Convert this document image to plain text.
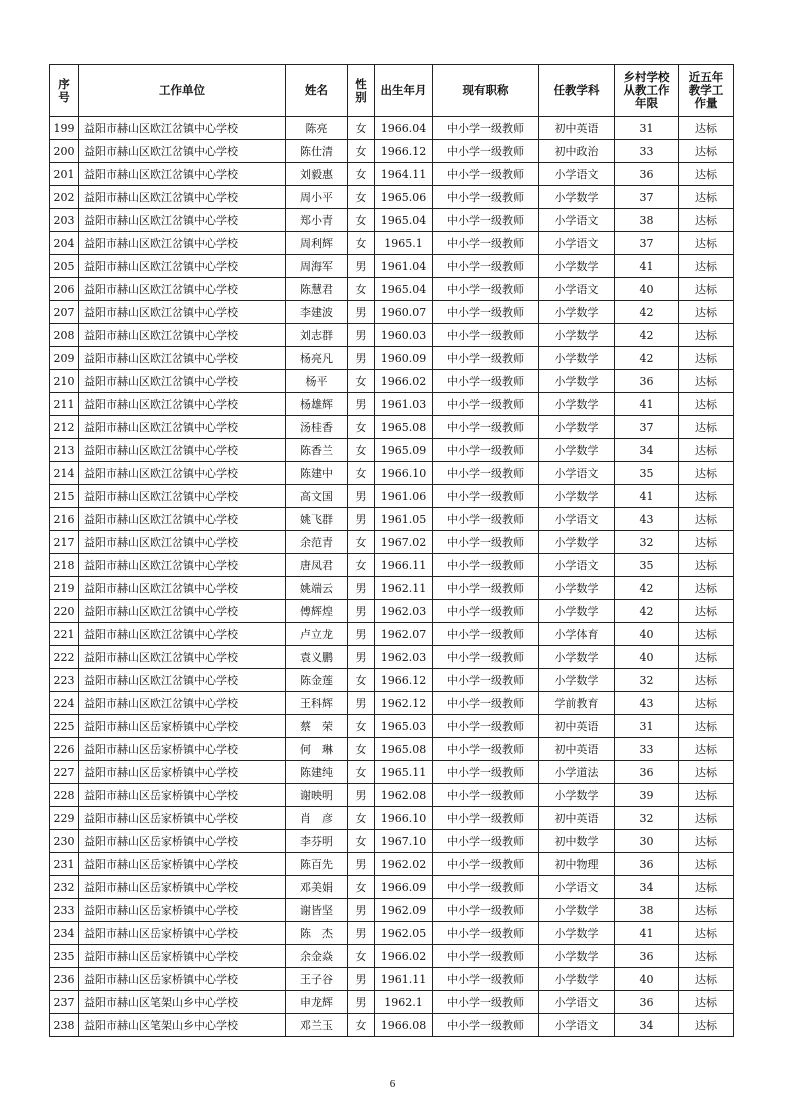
序号	工作单位	姓名	性别	出生年月	现有职称	任教学科	乡村学校从教工作年限	近五年教学工作量
199	益阳市赫山区欧江岔镇中心学校	陈亮	女	1966.04	中小学一级教师	初中英语	31	达标
200	益阳市赫山区欧江岔镇中心学校	陈仕清	女	1966.12	中小学一级教师	初中政治	33	达标
201	益阳市赫山区欧江岔镇中心学校	刘毅惠	女	1964.11	中小学一级教师	小学语文	36	达标
202	益阳市赫山区欧江岔镇中心学校	周小平	女	1965.06	中小学一级教师	小学数学	37	达标
203	益阳市赫山区欧江岔镇中心学校	郑小青	女	1965.04	中小学一级教师	小学语文	38	达标
204	益阳市赫山区欧江岔镇中心学校	周利辉	女	1965.1	中小学一级教师	小学语文	37	达标
205	益阳市赫山区欧江岔镇中心学校	周海军	男	1961.04	中小学一级教师	小学数学	41	达标
206	益阳市赫山区欧江岔镇中心学校	陈慧君	女	1965.04	中小学一级教师	小学语文	40	达标
207	益阳市赫山区欧江岔镇中心学校	李建波	男	1960.07	中小学一级教师	小学数学	42	达标
208	益阳市赫山区欧江岔镇中心学校	刘志群	男	1960.03	中小学一级教师	小学数学	42	达标
209	益阳市赫山区欧江岔镇中心学校	杨亮凡	男	1960.09	中小学一级教师	小学数学	42	达标
210	益阳市赫山区欧江岔镇中心学校	杨平	女	1966.02	中小学一级教师	小学数学	36	达标
211	益阳市赫山区欧江岔镇中心学校	杨雄辉	男	1961.03	中小学一级教师	小学数学	41	达标
212	益阳市赫山区欧江岔镇中心学校	汤桂香	女	1965.08	中小学一级教师	小学数学	37	达标
213	益阳市赫山区欧江岔镇中心学校	陈香兰	女	1965.09	中小学一级教师	小学数学	34	达标
214	益阳市赫山区欧江岔镇中心学校	陈建中	女	1966.10	中小学一级教师	小学语文	35	达标
215	益阳市赫山区欧江岔镇中心学校	高文国	男	1961.06	中小学一级教师	小学数学	41	达标
216	益阳市赫山区欧江岔镇中心学校	姚飞群	男	1961.05	中小学一级教师	小学语文	43	达标
217	益阳市赫山区欧江岔镇中心学校	余范青	女	1967.02	中小学一级教师	小学数学	32	达标
218	益阳市赫山区欧江岔镇中心学校	唐凤君	女	1966.11	中小学一级教师	小学语文	35	达标
219	益阳市赫山区欧江岔镇中心学校	姚端云	男	1962.11	中小学一级教师	小学数学	42	达标
220	益阳市赫山区欧江岔镇中心学校	傅辉煌	男	1962.03	中小学一级教师	小学数学	42	达标
221	益阳市赫山区欧江岔镇中心学校	卢立龙	男	1962.07	中小学一级教师	小学体育	40	达标
222	益阳市赫山区欧江岔镇中心学校	袁义鹏	男	1962.03	中小学一级教师	小学数学	40	达标
223	益阳市赫山区欧江岔镇中心学校	陈金莲	女	1966.12	中小学一级教师	小学数学	32	达标
224	益阳市赫山区欧江岔镇中心学校	王科辉	男	1962.12	中小学一级教师	学前教育	43	达标
225	益阳市赫山区岳家桥镇中心学校	蔡　荣	女	1965.03	中小学一级教师	初中英语	31	达标
226	益阳市赫山区岳家桥镇中心学校	何　琳	女	1965.08	中小学一级教师	初中英语	33	达标
227	益阳市赫山区岳家桥镇中心学校	陈建纯	女	1965.11	中小学一级教师	小学道法	36	达标
228	益阳市赫山区岳家桥镇中心学校	谢映明	男	1962.08	中小学一级教师	小学数学	39	达标
229	益阳市赫山区岳家桥镇中心学校	肖　彦	女	1966.10	中小学一级教师	初中英语	32	达标
230	益阳市赫山区岳家桥镇中心学校	李芬明	女	1967.10	中小学一级教师	初中数学	30	达标
231	益阳市赫山区岳家桥镇中心学校	陈百先	男	1962.02	中小学一级教师	初中物理	36	达标
232	益阳市赫山区岳家桥镇中心学校	邓美娟	女	1966.09	中小学一级教师	小学语文	34	达标
233	益阳市赫山区岳家桥镇中心学校	谢皆坚	男	1962.09	中小学一级教师	小学数学	38	达标
234	益阳市赫山区岳家桥镇中心学校	陈　杰	男	1962.05	中小学一级教师	小学数学	41	达标
235	益阳市赫山区岳家桥镇中心学校	余金焱	女	1966.02	中小学一级教师	小学数学	36	达标
236	益阳市赫山区岳家桥镇中心学校	王子谷	男	1961.11	中小学一级教师	小学数学	40	达标
237	益阳市赫山区笔架山乡中心学校	申龙辉	男	1962.1	中小学一级教师	小学语文	36	达标
238	益阳市赫山区笔架山乡中心学校	邓兰玉	女	1966.08	中小学一级教师	小学语文	34	达标
6
